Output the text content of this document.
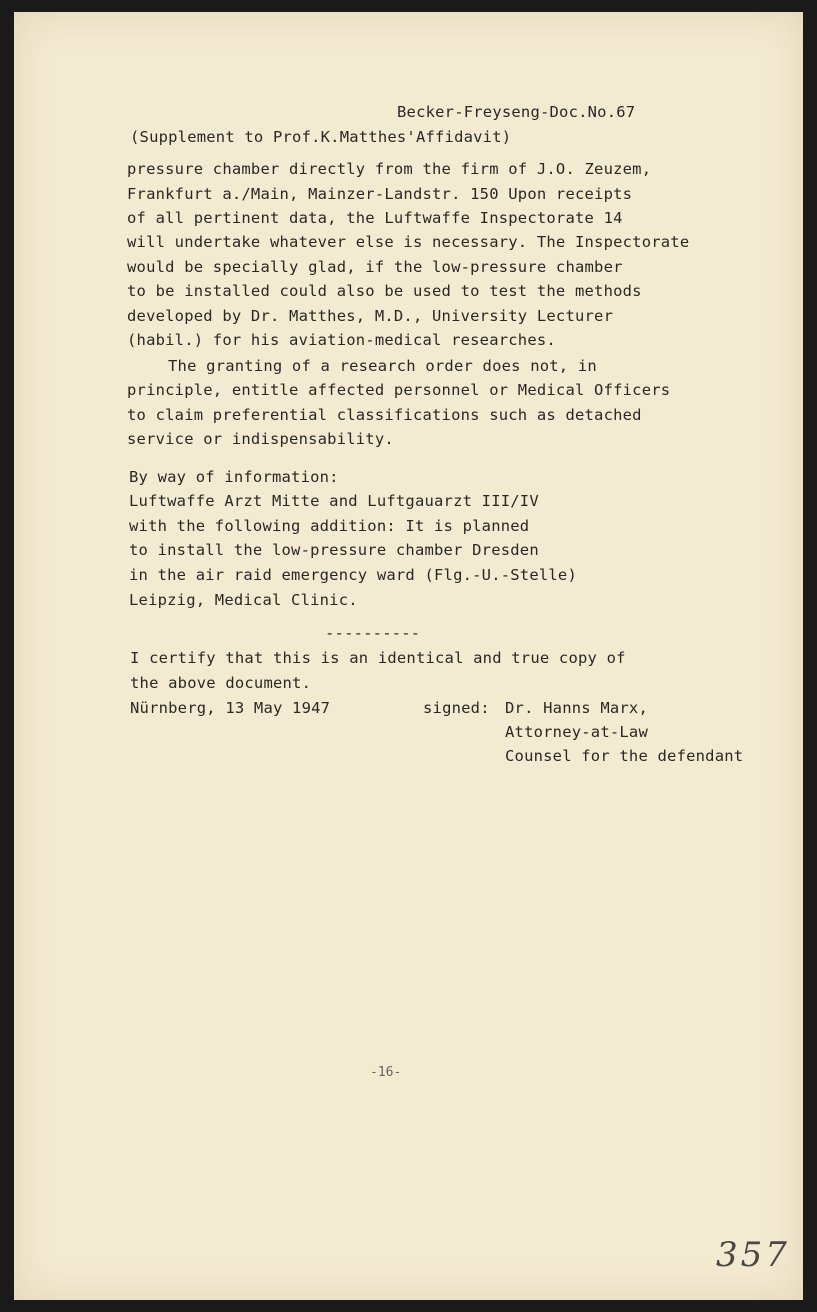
Becker-Freyseng-Doc.No.67

(Supplement to Prof.K.Matthes'Affidavit)

pressure chamber directly from the firm of J.O. Zeuzem,

Frankfurt a./Main, Mainzer-Landstr. 150 Upon receipts

of all pertinent data, the Luftwaffe Inspectorate 14

will undertake whatever else is necessary. The Inspectorate

would be specially glad, if the low-pressure chamber

to be installed could also be used to test the methods

developed by Dr. Matthes, M.D., University Lecturer

(habil.) for his aviation-medical researches.

The granting of a research order does not, in

principle, entitle affected personnel or Medical Officers

to claim preferential classifications such as detached

service or indispensability.

By way of information:

Luftwaffe Arzt Mitte and Luftgauarzt III/IV

with the following addition: It is planned

to install the low-pressure chamber Dresden

in the air raid emergency ward (Flg.-U.-Stelle)

Leipzig, Medical Clinic.

----------

I certify that this is an identical and true copy of

the above document.

Nürnberg, 13 May 1947

	signed:

Dr. Hanns Marx,

Attorney-at-Law

Counsel for the defendant

-16-
357
